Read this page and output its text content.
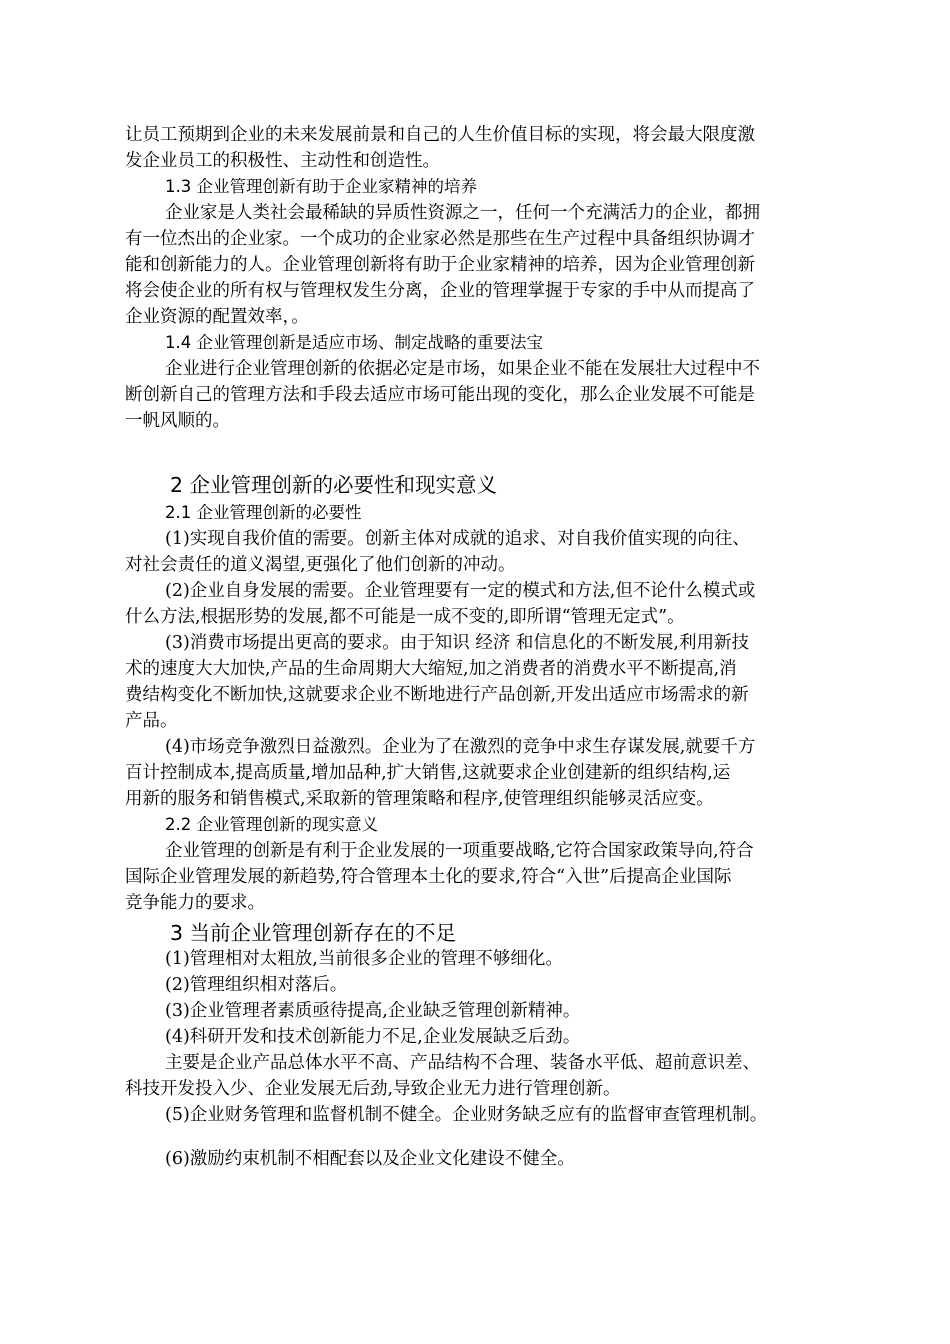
让员工预期到企业的未来发展前景和自己的人生价值目标的实现，将会最大限度激
发企业员工的积极性、主动性和创造性。
1.3 企业管理创新有助于企业家精神的培养
企业家是人类社会最稀缺的异质性资源之一，任何一个充满活力的企业，都拥
有一位杰出的企业家。一个成功的企业家必然是那些在生产过程中具备组织协调才
能和创新能力的人。企业管理创新将有助于企业家精神的培养，因为企业管理创新
将会使企业的所有权与管理权发生分离，企业的管理掌握于专家的手中从而提高了
企业资源的配置效率，。
1.4 企业管理创新是适应市场、制定战略的重要法宝
企业进行企业管理创新的依据必定是市场，如果企业不能在发展壮大过程中不
断创新自己的管理方法和手段去适应市场可能出现的变化，那么企业发展不可能是
一帆风顺的。
2 企业管理创新的必要性和现实意义
2.1 企业管理创新的必要性
(1)实现自我价值的需要。创新主体对成就的追求、对自我价值实现的向往、
对社会责任的道义渴望,更强化了他们创新的冲动。
(2)企业自身发展的需要。企业管理要有一定的模式和方法,但不论什么模式或
什么方法,根据形势的发展,都不可能是一成不变的,即所谓“管理无定式”。
(3)消费市场提出更高的要求。由于知识 经济 和信息化的不断发展,利用新技
术的速度大大加快,产品的生命周期大大缩短,加之消费者的消费水平不断提高,消
费结构变化不断加快,这就要求企业不断地进行产品创新,开发出适应市场需求的新
产品。
(4)市场竞争激烈日益激烈。企业为了在激烈的竞争中求生存谋发展,就要千方
百计控制成本,提高质量,增加品种,扩大销售,这就要求企业创建新的组织结构,运
用新的服务和销售模式,采取新的管理策略和程序,使管理组织能够灵活应变。
2.2 企业管理创新的现实意义
企业管理的创新是有利于企业发展的一项重要战略,它符合国家政策导向,符合
国际企业管理发展的新趋势,符合管理本土化的要求,符合“入世”后提高企业国际
竞争能力的要求。
3 当前企业管理创新存在的不足
(1)管理相对太粗放,当前很多企业的管理不够细化。
(2)管理组织相对落后。
(3)企业管理者素质亟待提高,企业缺乏管理创新精神。
(4)科研开发和技术创新能力不足,企业发展缺乏后劲。
主要是企业产品总体水平不高、产品结构不合理、装备水平低、超前意识差、
科技开发投入少、企业发展无后劲,导致企业无力进行管理创新。
(5)企业财务管理和监督机制不健全。企业财务缺乏应有的监督审查管理机制。
(6)激励约束机制不相配套以及企业文化建设不健全。
